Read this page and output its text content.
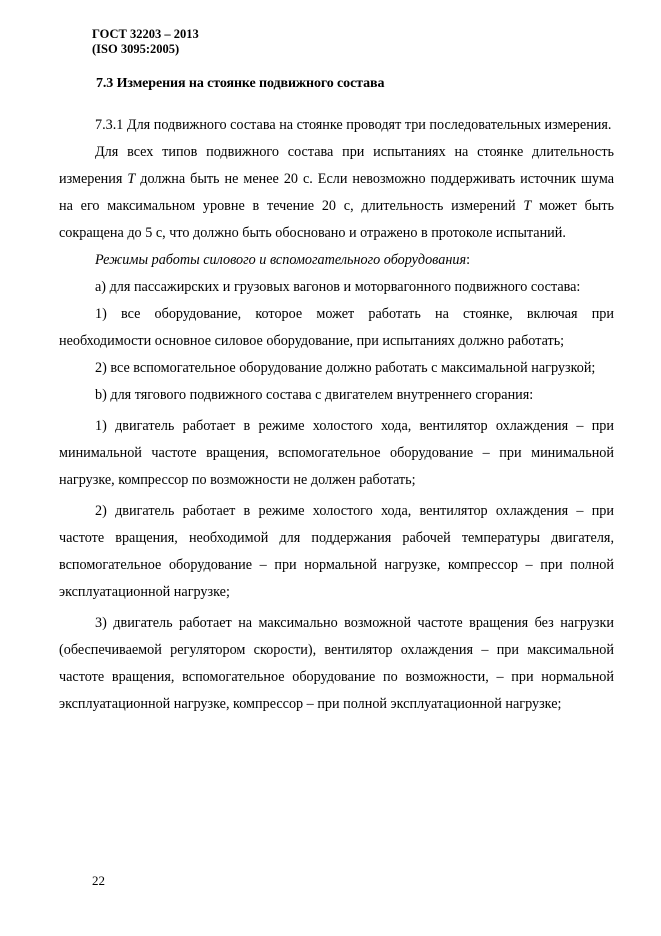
ГОСТ 32203 – 2013
(ISO 3095:2005)
7.3 Измерения на стоянке подвижного состава

7.3.1 Для подвижного состава на стоянке проводят три последовательных измерения.

Для всех типов подвижного состава при испытаниях на стоянке длительность измерения T должна быть не менее 20 с. Если невозможно поддерживать источник шума на его максимальном уровне в течение 20 с, длительность измерений T может быть сокращена до 5 с, что должно быть обосновано и отражено в протоколе испытаний.

Режимы работы силового и вспомогательного оборудования:

а) для пассажирских и грузовых вагонов и моторвагонного подвижного состава:

1) все оборудование, которое может работать на стоянке, включая при необходимости основное силовое оборудование, при испытаниях должно работать;

2) все вспомогательное оборудование должно работать с максимальной нагрузкой;

b) для тягового подвижного состава с двигателем внутреннего сгорания:

1) двигатель работает в режиме холостого хода, вентилятор охлаждения – при минимальной частоте вращения, вспомогательное оборудование – при минимальной нагрузке, компрессор по возможности не должен работать;

2) двигатель работает в режиме холостого хода, вентилятор охлаждения – при частоте вращения, необходимой для поддержания рабочей температуры двигателя, вспомогательное оборудование – при нормальной нагрузке, компрессор – при полной эксплуатационной нагрузке;

3) двигатель работает на максимально возможной частоте вращения без нагрузки (обеспечиваемой регулятором скорости), вентилятор охлаждения – при максимальной частоте вращения, вспомогательное оборудование по возможности, – при нормальной эксплуатационной нагрузке, компрессор – при полной эксплуатационной нагрузке;

22
